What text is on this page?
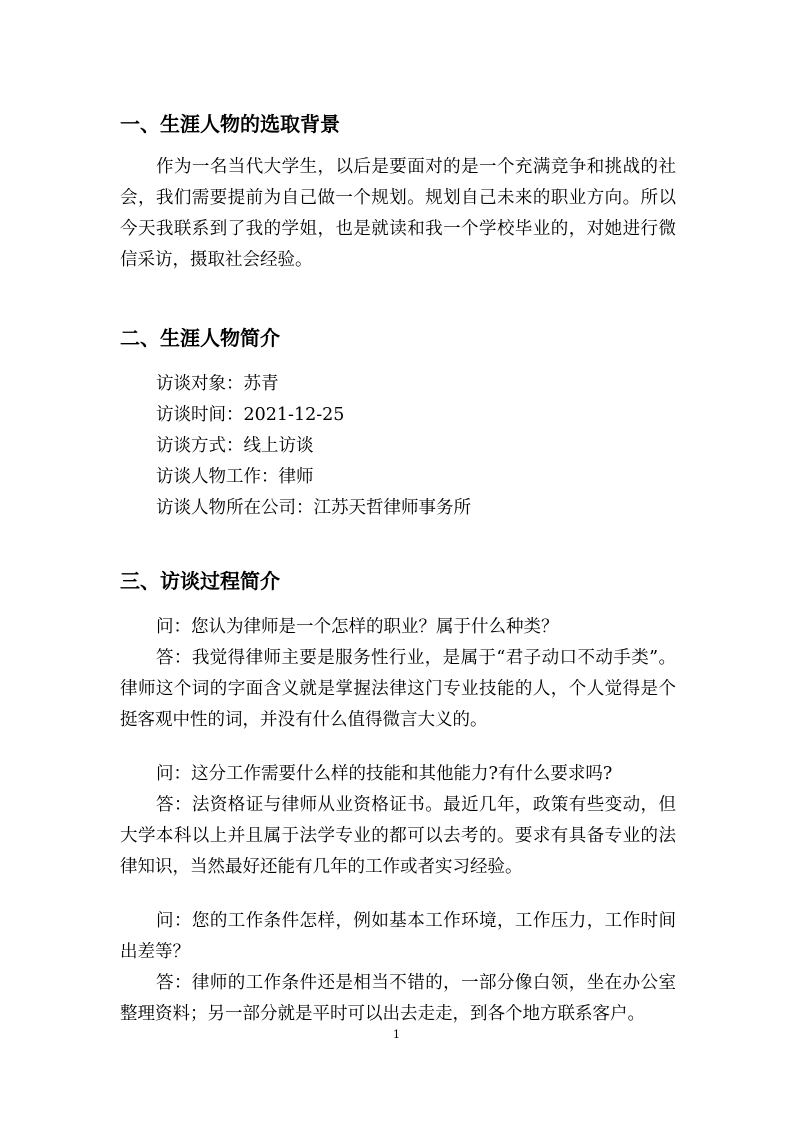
一、生涯人物的选取背景

作为一名当代大学生，以后是要面对的是一个充满竞争和挑战的社会，我们需要提前为自己做一个规划。规划自己未来的职业方向。所以今天我联系到了我的学姐，也是就读和我一个学校毕业的，对她进行微信采访，摄取社会经验。

二、生涯人物简介
访谈对象：苏青
访谈时间：2021-12-25
访谈方式：线上访谈
访谈人物工作：律师
访谈人物所在公司：江苏天哲律师事务所
三、访谈过程简介

问：您认为律师是一个怎样的职业？属于什么种类？

答：我觉得律师主要是服务性行业，是属于“君子动口不动手类”。律师这个词的字面含义就是掌握法律这门专业技能的人，个人觉得是个挺客观中性的词，并没有什么值得微言大义的。

问：这分工作需要什么样的技能和其他能力?有什么要求吗?

答：法资格证与律师从业资格证书。最近几年，政策有些变动，但大学本科以上并且属于法学专业的都可以去考的。要求有具备专业的法律知识，当然最好还能有几年的工作或者实习经验。

问：您的工作条件怎样，例如基本工作环境，工作压力，工作时间出差等？

答：律师的工作条件还是相当不错的，一部分像白领，坐在办公室整理资料；另一部分就是平时可以出去走走，到各个地方联系客户。

1
